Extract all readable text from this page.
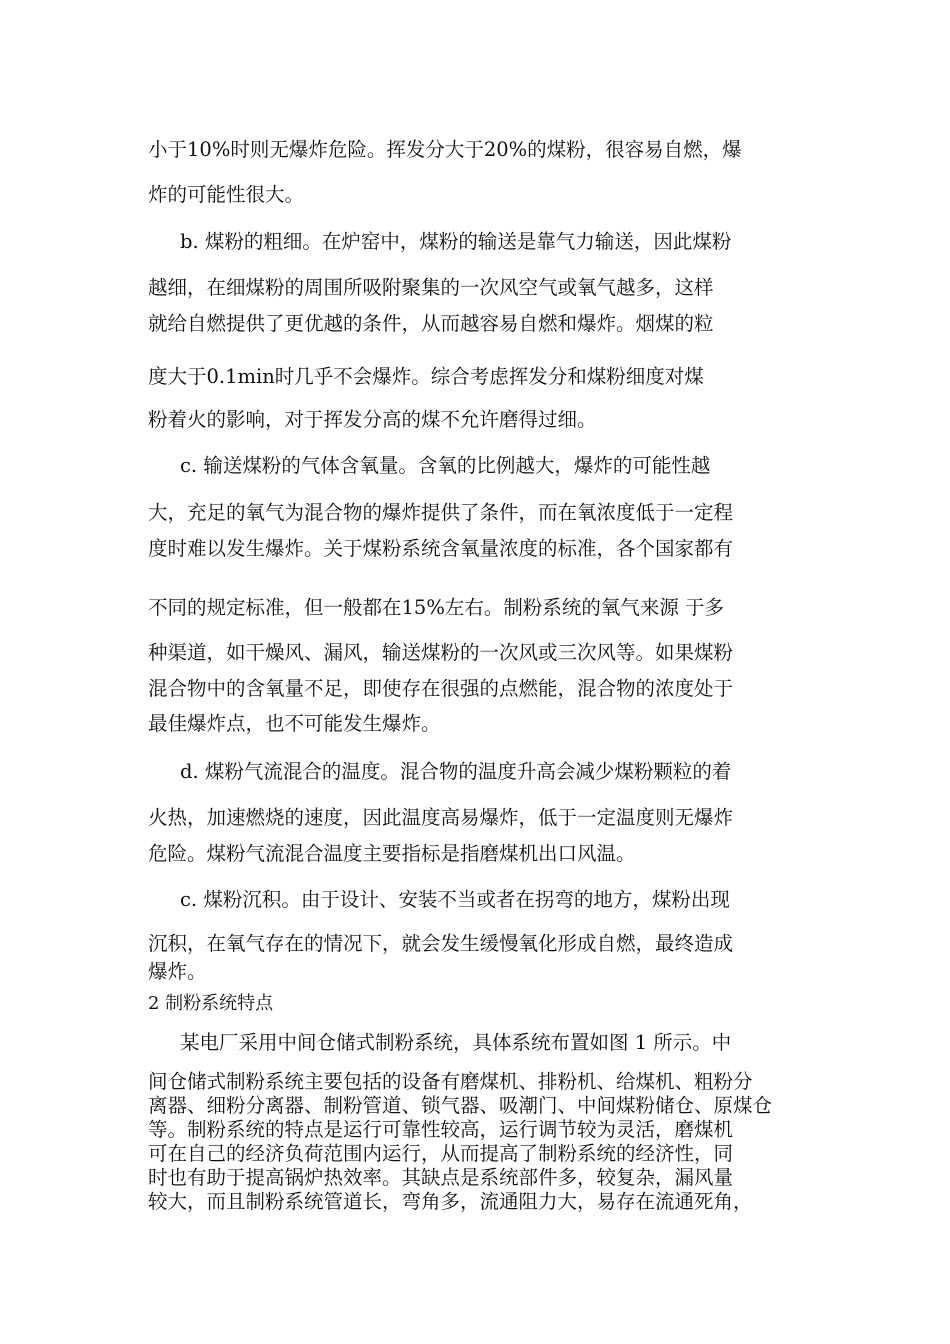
小于10%时则无爆炸危险。挥发分大于20%的煤粉，很容易自燃，爆
炸的可能性很大。
b. 煤粉的粗细。在炉窑中，煤粉的输送是靠气力输送，因此煤粉
越细，在细煤粉的周围所吸附聚集的一次风空气或氧气越多，这样
就给自燃提供了更优越的条件，从而越容易自燃和爆炸。烟煤的粒
度大于0.1min时几乎不会爆炸。综合考虑挥发分和煤粉细度对煤
粉着火的影响，对于挥发分高的煤不允许磨得过细。
c. 输送煤粉的气体含氧量。含氧的比例越大，爆炸的可能性越
大，充足的氧气为混合物的爆炸提供了条件，而在氧浓度低于一定程
度时难以发生爆炸。关于煤粉系统含氧量浓度的标准，各个国家都有
不同的规定标准，但一般都在15%左右。制粉系统的氧气来源 于多
种渠道，如干燥风、漏风，输送煤粉的一次风或三次风等。如果煤粉
混合物中的含氧量不足，即使存在很强的点燃能，混合物的浓度处于
最佳爆炸点，也不可能发生爆炸。
d. 煤粉气流混合的温度。混合物的温度升高会减少煤粉颗粒的着
火热，加速燃烧的速度，因此温度高易爆炸，低于一定温度则无爆炸
危险。煤粉气流混合温度主要指标是指磨煤机出口风温。
c. 煤粉沉积。由于设计、安装不当或者在拐弯的地方，煤粉出现
沉积，在氧气存在的情况下，就会发生缓慢氧化形成自燃，最终造成
爆炸。
2 制粉系统特点
某电厂采用中间仓储式制粉系统，具体系统布置如图 1 所示。中
间仓储式制粉系统主要包括的设备有磨煤机、排粉机、给煤机、粗粉分
离器、细粉分离器、制粉管道、锁气器、吸潮门、中间煤粉储仓、原煤仓
等。制粉系统的特点是运行可靠性较高，运行调节较为灵活，磨煤机
可在自己的经济负荷范围内运行，从而提高了制粉系统的经济性，同
时也有助于提高锅炉热效率。其缺点是系统部件多，较复杂，漏风量
较大，而且制粉系统管道长，弯角多，流通阻力大，易存在流通死角，
